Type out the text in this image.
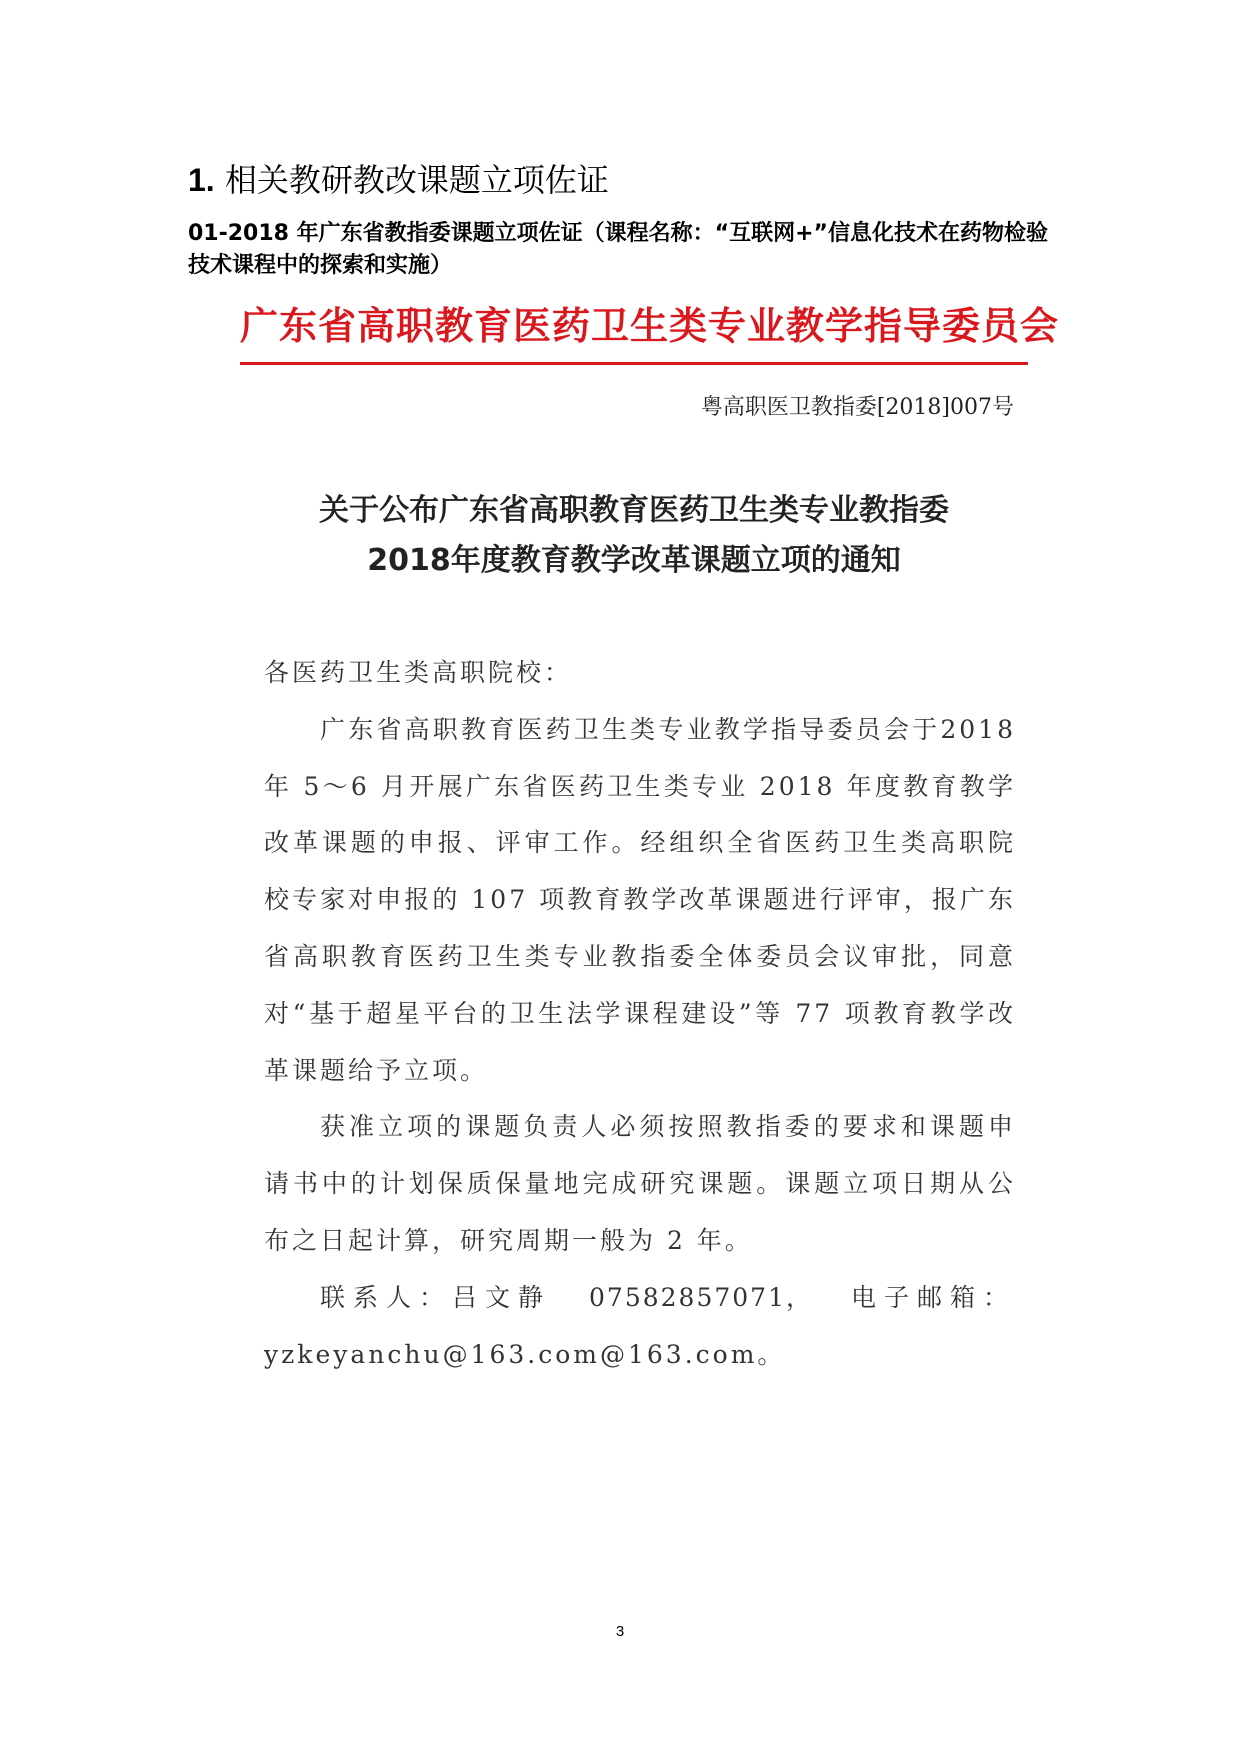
1. 相关教研教改课题立项佐证

01-2018 年广东省教指委课题立项佐证（课程名称：“互联网+”信息化技术在药物检验技术课程中的探索和实施）

广东省高职教育医药卫生类专业教学指导委员会
粤高职医卫教指委[2018]007号
关于公布广东省高职教育医药卫生类专业教指委
2018年度教育教学改革课题立项的通知

各医药卫生类高职院校：

广东省高职教育医药卫生类专业教学指导委员会于2018 年 5～6 月开展广东省医药卫生类专业 2018 年度教育教学改革课题的申报、评审工作。经组织全省医药卫生类高职院校专家对申报的 107 项教育教学改革课题进行评审，报广东省高职教育医药卫生类专业教指委全体委员会议审批，同意对“基于超星平台的卫生法学课程建设”等 77 项教育教学改革课题给予立项。

获准立项的课题负责人必须按照教指委的要求和课题申请书中的计划保质保量地完成研究课题。课题立项日期从公布之日起计算，研究周期一般为 2 年。

联系人：吕文静 07582857071， 电子邮箱：

yzkeyanchu@163.com@163.com。

3
